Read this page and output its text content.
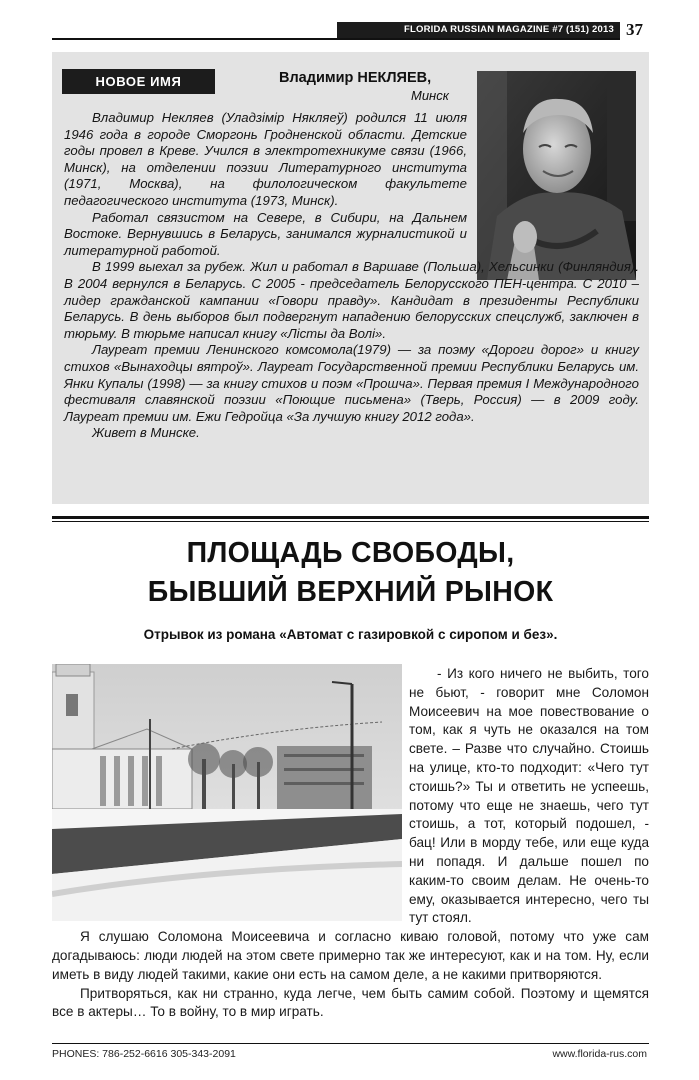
FLORIDA RUSSIAN MAGAZINE #7 (151) 2013 37
НОВОЕ ИМЯ	Владимир НЕКЛЯЕВ,
Минск

Владимир Некляев (Уладзімір Някляеў) родился 11 июля 1946 года в городе Сморгонь Гродненской области. Детские годы провел в Креве. Учился в электротехникуме связи (1966, Минск), на отделении поэзии Литературного института (1971, Москва), на филологическом факультете педагогического института (1973, Минск).

Работал связистом на Севере, в Сибири, на Дальнем Востоке. Вернувшись в Беларусь, занимался журналистикой и литературной работой.

В 1999 выехал за рубеж. Жил и работал в Варшаве (Польша), Хельсинки (Финляндия). В 2004 вернулся в Беларусь. С 2005 - председатель Белорусского ПЕН-центра. С 2010 – лидер гражданской кампании «Говори правду». Кандидат в президенты Республики Беларусь. В день выборов был подвергнут нападению белорусских спецслужб, заключен в тюрьму. В тюрьме написал книгу «Лісты да Волі».

Лауреат премии Ленинского комсомола(1979) — за поэму «Дороги дорог» и книгу стихов «Вынаходцы вятроў». Лауреат Государственной премии Республики Беларусь им. Янки Купалы (1998) — за книгу стихов и поэм «Прошча». Первая премия I Международного фестиваля славянской поэзии «Поющие письмена» (Тверь, Россия) — в 2009 году. Лауреат премии им. Ежи Гедройца «За лучшую книгу 2012 года».

Живет в Минске.

ПЛОЩАДЬ СВОБОДЫ,
БЫВШИЙ ВЕРХНИЙ РЫНОК
Отрывок из романа «Автомат с газировкой с сиропом и без».

- Из кого ничего не выбить, того не бьют, - говорит мне Соломон Моисеевич на мое повествование о том, как я чуть не оказался на том свете. – Разве что случайно. Стоишь на улице, кто-то подходит: «Чего тут стоишь?» Ты и ответить не успеешь, потому что еще не знаешь, чего тут стоишь, а тот, который подошел, - бац! Или в морду тебе, или еще куда ни попадя. И дальше пошел по каким-то своим делам. Не очень-то ему, оказывается интересно, чего ты тут стоял.

Я слушаю Соломона Моисеевича и согласно киваю головой, потому что уже сам догадываюсь: люди людей на этом свете примерно так же интересуют, как и на том. Ну, если иметь в виду людей такими, какие они есть на самом деле, а не какими притворяются.

Притворяться, как ни странно, куда легче, чем быть самим собой. Поэтому и щемятся все в актеры… То в войну, то в мир играть.

PHONES: 786-252-6616 305-343-2091	www.florida-rus.com
